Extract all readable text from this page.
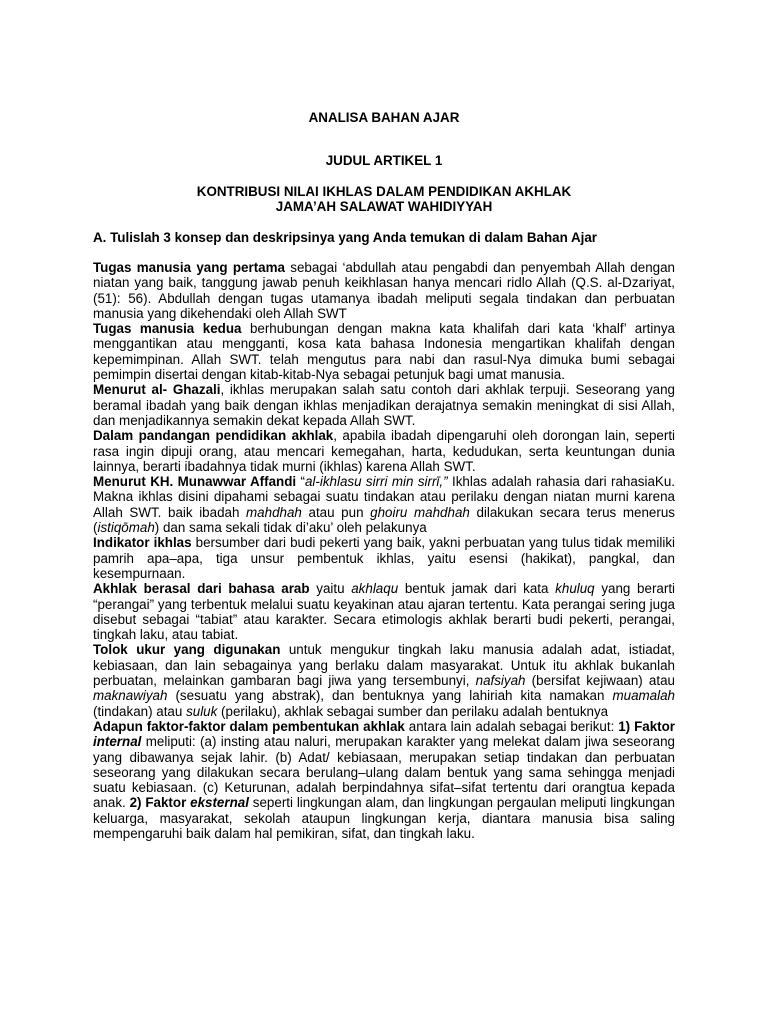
ANALISA BAHAN AJAR
JUDUL ARTIKEL 1
KONTRIBUSI NILAI IKHLAS DALAM PENDIDIKAN AKHLAK
JAMA’AH SALAWAT WAHIDIYYAH
A. Tulislah 3 konsep dan deskripsinya yang Anda temukan di dalam Bahan Ajar

Tugas manusia yang pertama sebagai ‘abdullah atau pengabdi dan penyembah Allah dengan niatan yang baik, tanggung jawab penuh keikhlasan hanya mencari ridlo Allah (Q.S. al-Dzariyat, (51): 56). Abdullah dengan tugas utamanya ibadah meliputi segala tindakan dan perbuatan manusia yang dikehendaki oleh Allah SWT

Tugas manusia kedua berhubungan dengan makna kata khalifah dari kata ‘khalf’ artinya menggantikan atau mengganti, kosa kata bahasa Indonesia mengartikan khalifah dengan kepemimpinan. Allah SWT. telah mengutus para nabi dan rasul-Nya dimuka bumi sebagai pemimpin disertai dengan kitab-kitab-Nya sebagai petunjuk bagi umat manusia.

Menurut al- Ghazali, ikhlas merupakan salah satu contoh dari akhlak terpuji. Seseorang yang beramal ibadah yang baik dengan ikhlas menjadikan derajatnya semakin meningkat di sisi Allah, dan menjadikannya semakin dekat kepada Allah SWT.

Dalam pandangan pendidikan akhlak, apabila ibadah dipengaruhi oleh dorongan lain, seperti rasa ingin dipuji orang, atau mencari kemegahan, harta, kedudukan, serta keuntungan dunia lainnya, berarti ibadahnya tidak murni (ikhlas) karena Allah SWT.

Menurut KH. Munawwar Affandi “al-ikhlasu sirri min sirrī,” Ikhlas adalah rahasia dari rahasiaKu. Makna ikhlas disini dipahami sebagai suatu tindakan atau perilaku dengan niatan murni karena Allah SWT. baik ibadah mahdhah atau pun ghoiru mahdhah dilakukan secara terus menerus (istiqōmah) dan sama sekali tidak di’aku’ oleh pelakunya

Indikator ikhlas bersumber dari budi pekerti yang baik, yakni perbuatan yang tulus tidak memiliki pamrih apa–apa, tiga unsur pembentuk ikhlas, yaitu esensi (hakikat), pangkal, dan kesempurnaan.

Akhlak berasal dari bahasa arab yaitu akhlaqu bentuk jamak dari kata khuluq yang berarti “perangai” yang terbentuk melalui suatu keyakinan atau ajaran tertentu. Kata perangai sering juga disebut sebagai “tabiat” atau karakter. Secara etimologis akhlak berarti budi pekerti, perangai, tingkah laku, atau tabiat.

Tolok ukur yang digunakan untuk mengukur tingkah laku manusia adalah adat, istiadat, kebiasaan, dan lain sebagainya yang berlaku dalam masyarakat. Untuk itu akhlak bukanlah perbuatan, melainkan gambaran bagi jiwa yang tersembunyi, nafsiyah (bersifat kejiwaan) atau maknawiyah (sesuatu yang abstrak), dan bentuknya yang lahiriah kita namakan muamalah (tindakan) atau suluk (perilaku), akhlak sebagai sumber dan perilaku adalah bentuknya

Adapun faktor-faktor dalam pembentukan akhlak antara lain adalah sebagai berikut: 1) Faktor internal meliputi: (a) insting atau naluri, merupakan karakter yang melekat dalam jiwa seseorang yang dibawanya sejak lahir. (b) Adat/ kebiasaan, merupakan setiap tindakan dan perbuatan seseorang yang dilakukan secara berulang–ulang dalam bentuk yang sama sehingga menjadi suatu kebiasaan. (c) Keturunan, adalah berpindahnya sifat–sifat tertentu dari orangtua kepada anak. 2) Faktor eksternal seperti lingkungan alam, dan lingkungan pergaulan meliputi lingkungan keluarga, masyarakat, sekolah ataupun lingkungan kerja, diantara manusia bisa saling mempengaruhi baik dalam hal pemikiran, sifat, dan tingkah laku.
